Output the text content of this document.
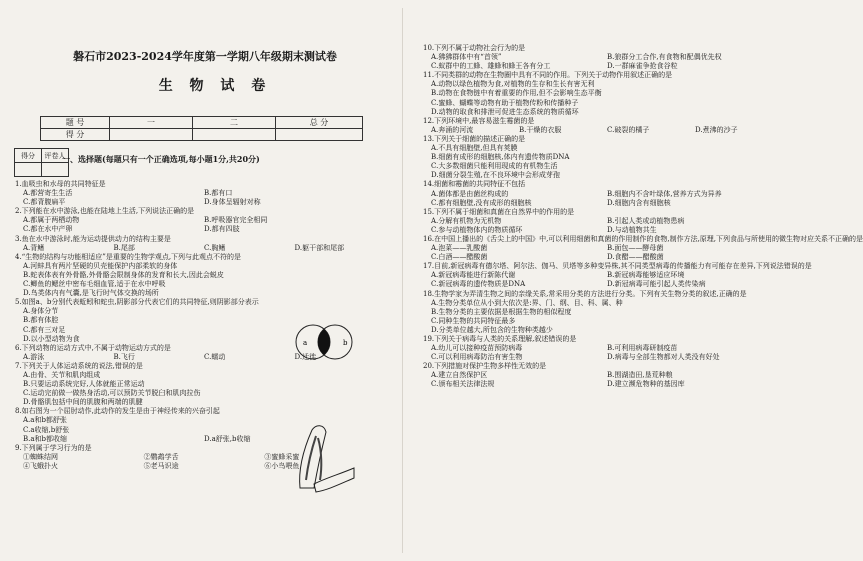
磐石市2023-2024学年度第一学期八年级期末测试卷
生 物 试 卷
题 号	一	二	总 分
得 分			
得分	评卷人

一、选择题(每题只有一个正确选项,每小题1分,共20分)
1.血吸虫和水母的共同特征是
A.都营寄生生活	B.都有口
C.都背腹扁平	D.身体呈辐射对称
2.下列能在水中游泳,也能在陆地上生活,下列说法正确的是
A.都属于两栖动物	B.呼吸器官完全相同
C.都在水中产卵	D.都有四肢
3.鱼在水中游泳时,能为运动提供动力的结构主要是
A.背鳍	B.尾部	C.胸鳍	D.躯干部和尾部
4.“生物的结构与功能相适应”是重要的生物学观点,下列与此观点不符的是
A.河蚌具有两片坚硬的贝壳能保护内部柔软的身体
B.蛇表体表有外骨骼,外骨骼会限制身体的发育和长大,因此会蜕皮
C.鲫鱼的鳃丝中密布毛细血管,适于在水中呼吸
D.鸟类体内有气囊,是飞行时气体交换的场所
5.如图a、b分别代表蚯蚓和蛇虫,阴影部分代表它们的共同特征,则阴影部分表示
A.身体分节
B.都有体腔
C.都有三对足
D.以小型动物为食
6.下列动物的运动方式中,不属于动物运动方式的是
A.游泳	B.飞行	C.蠕动	D.迁徙
7.下列关于人体运动系统的说法,错误的是
A.由骨、关节和肌肉组成
B.只要运动系统完好,人体就能正常运动
C.运动完前做一做热身活动,可以预防关节脱臼和肌肉拉伤
D.骨骼肌包括中间的肌腹和两端的肌腱
8.如右图为一个屈肘动作,此动作的发生是由于神经传来的兴奋引起
A.a和b都舒张
C.a收缩,b舒张
B.a和b都收缩	D.a舒张,b收缩
9.下列属于学习行为的是
①蜘蛛结网	②鹦鹉学舌	③蜜蜂采蜜
④飞蛾扑火	⑤老马识途	⑥小鸟喂鱼
10.下列不属于动物社会行为的是
A.狒狒群体中有“首领”	B.狼群分工合作,有食物和配偶优先权
C.蚁群中的工蜂、雄蜂和蜂王各有分工	D.一群麻雀争抢食谷粒
11.不同类群的动物在生物圈中具有不同的作用。下列关于动物作用叙述正确的是
A.动物以绿色植物为食,对植物的生存和生长有害无利
B.动物在食物链中有着重要的作用,但不会影响生态平衡
C.蜜蜂、蝴蝶等动物有助于植物传粉和传播种子
D.动物的取食和排泄可促进生态系统的物质循环
12.下列环境中,最容易滋生霉菌的是
A.奔涌的河流	B.干燥的衣服	C.破裂的橘子	D.煮沸的沙子
13.下列关于细菌的描述正确的是
A.不具有细胞壁,但具有荚膜
B.细菌有成形的细胞核,体内有遗传物质DNA
C.大多数细菌只能利用现成的有机物生活
D.细菌分裂生殖,在不良环境中会形成芽孢
14.细菌和霉菌的共同特征不包括
A.菌体都是由菌丝构成的	B.细胞内不含叶绿体,营养方式为异养
C.都有细胞壁,没有成形的细胞核	D.细胞内含有细胞核
15.下列不属于细菌和真菌在自然界中的作用的是
A.分解有机物为无机物	B.引起人类或动植物患病
C.参与动植物体内的物质循环	D.与动植物共生
16.在中国上播出的《舌尖上的中国》中,可以利用细菌和真菌的作用制作的食物,制作方法,原理,下列食品与所使用的微生物对应关系不正确的是
A.泡菜——乳酸菌	B.面包——酵母菌
C.白酒——醋酸菌	D.食醋——醋酸菌
17.目前,新冠病毒有德尔塔、阿尔法、伽马、贝塔等多种变异株,其不同类型病毒的传播能力有可能存在差异,下列说法错误的是
A.新冠病毒能进行新陈代谢	B.新冠病毒能够适应环境
C.新冠病毒的遗传物质是DNA	D.新冠病毒可能引起人类传染病
18.生物学家为弄清生物之间的亲缘关系,常采用分类的方法进行分类。下列有关生物分类的叙述,正确的是
A.生物分类单位从小到大依次是:界、门、纲、目、科、属、种
B.生物分类的主要依据是根据生物的相似程度
C.同种生物的共同特征最多
D.分类单位越大,所包含的生物种类越少
19.下列关于病毒与人类的关系理解,叙述错误的是
A.幼儿可以接种疫苗预防病毒	B.可利用病毒研制疫苗
C.可以利用病毒防治有害生物	D.病毒与全部生物都对人类没有好处
20.下列措施对保护生物多样性无效的是
A.建立自然保护区	B.围湖造田,垦荒种粮
C.颁布相关法律法规	D.建立濒危物种的基因库
a	b
